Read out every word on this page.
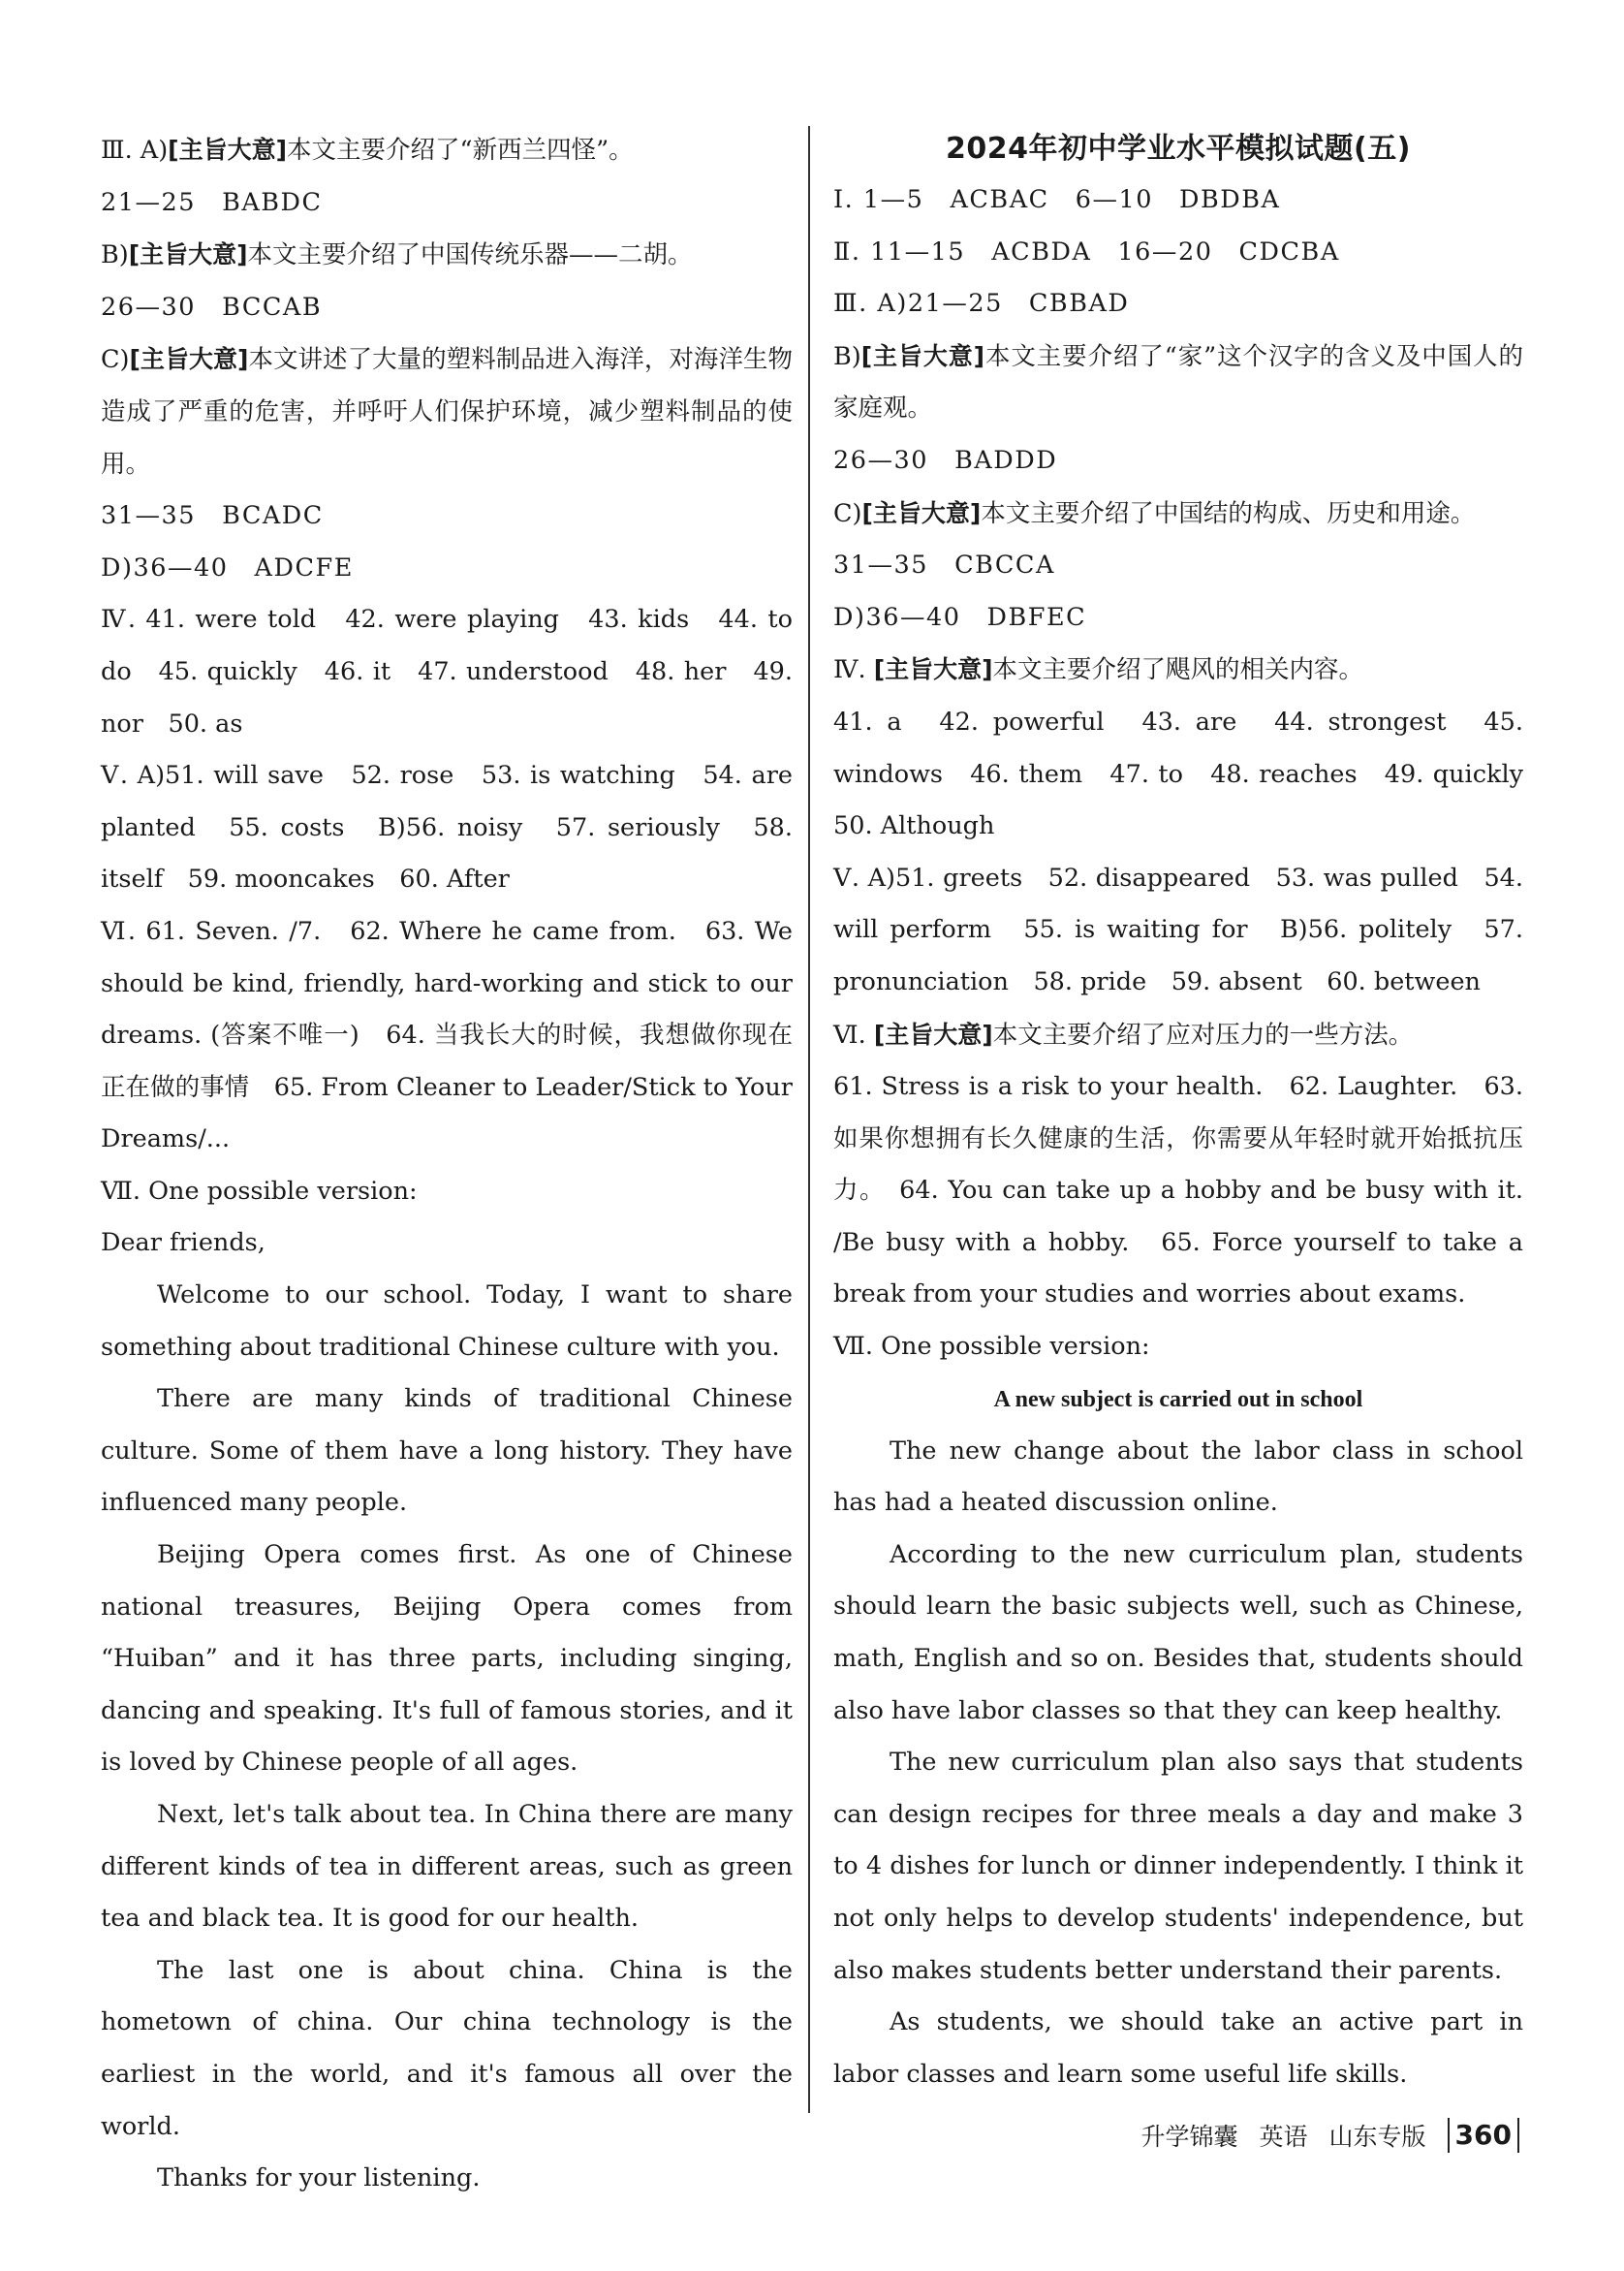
Ⅲ. A)[主旨大意]本文主要介绍了“新西兰四怪”。

21—25　BABDC

B)[主旨大意]本文主要介绍了中国传统乐器——二胡。

26—30　BCCAB

C)[主旨大意]本文讲述了大量的塑料制品进入海洋，对海洋生物造成了严重的危害，并呼吁人们保护环境，减少塑料制品的使用。

31—35　BCADC

D)36—40　ADCFE

Ⅳ. 41. were told　42. were playing　43. kids　44. to do　45. quickly　46. it　47. understood　48. her　49. nor　50. as

Ⅴ. A)51. will save　52. rose　53. is watching　54. are planted　55. costs　B)56. noisy　57. seriously　58. itself　59. mooncakes　60. After

Ⅵ. 61. Seven. /7.　62. Where he came from.　63. We should be kind, friendly, hard-working and stick to our dreams. (答案不唯一)　64. 当我长大的时候，我想做你现在正在做的事情　65. From Cleaner to Leader/Stick to Your Dreams/...

Ⅶ. One possible version:

Dear friends,

Welcome to our school. Today, I want to share something about traditional Chinese culture with you.

There are many kinds of traditional Chinese culture. Some of them have a long history. They have influenced many people.

Beijing Opera comes first. As one of Chinese national treasures, Beijing Opera comes from “Huiban” and it has three parts, including singing, dancing and speaking. It's full of famous stories, and it is loved by Chinese people of all ages.

Next, let's talk about tea. In China there are many different kinds of tea in different areas, such as green tea and black tea. It is good for our health.

The last one is about china. China is the hometown of china. Our china technology is the earliest in the world, and it's famous all over the world.

Thanks for your listening.

2024年初中学业水平模拟试题(五)

Ⅰ. 1—5　ACBAC　6—10　DBDBA

Ⅱ. 11—15　ACBDA　16—20　CDCBA

Ⅲ. A)21—25　CBBAD

B)[主旨大意]本文主要介绍了“家”这个汉字的含义及中国人的家庭观。

26—30　BADDD

C)[主旨大意]本文主要介绍了中国结的构成、历史和用途。

31—35　CBCCA

D)36—40　DBFEC

Ⅳ. [主旨大意]本文主要介绍了飓风的相关内容。

41. a　42. powerful　43. are　44. strongest　45. windows　46. them　47. to　48. reaches　49. quickly　50. Although

Ⅴ. A)51. greets　52. disappeared　53. was pulled　54. will perform　55. is waiting for　B)56. politely　57. pronunciation　58. pride　59. absent　60. between

Ⅵ. [主旨大意]本文主要介绍了应对压力的一些方法。

61. Stress is a risk to your health.　62. Laughter.　63. 如果你想拥有长久健康的生活，你需要从年轻时就开始抵抗压力。　64. You can take up a hobby and be busy with it. /Be busy with a hobby.　65. Force yourself to take a break from your studies and worries about exams.

Ⅶ. One possible version:

A new subject is carried out in school

The new change about the labor class in school has had a heated discussion online.

According to the new curriculum plan, students should learn the basic subjects well, such as Chinese, math, English and so on. Besides that, students should also have labor classes so that they can keep healthy.

The new curriculum plan also says that students can design recipes for three meals a day and make 3 to 4 dishes for lunch or dinner independently. I think it not only helps to develop students' independence, but also makes students better understand their parents.

As students, we should take an active part in labor classes and learn some useful life skills.

升学锦囊 英语 山东专版 360
